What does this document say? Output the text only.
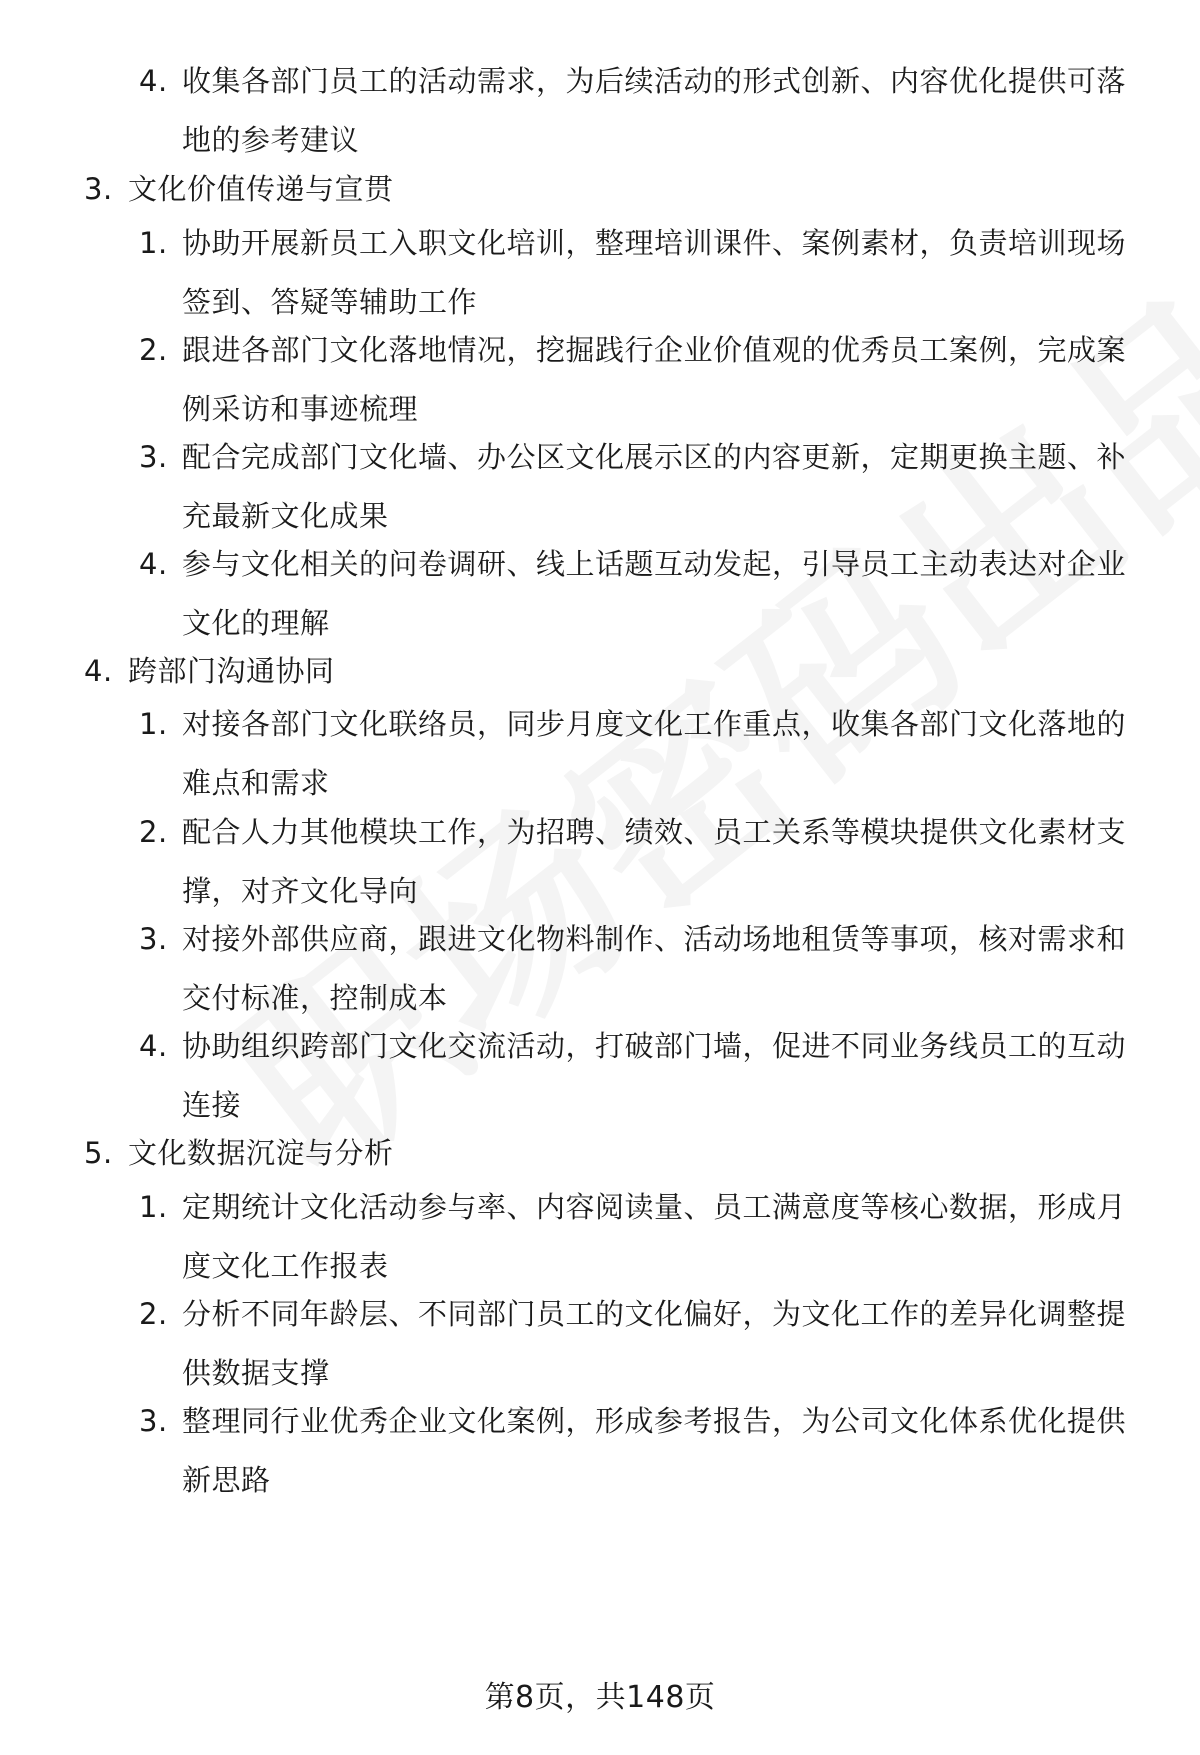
4. 收集各部门员工的活动需求，为后续活动的形式创新、内容优化提供可落地的参考建议
3. 文化价值传递与宣贯
1. 协助开展新员工入职文化培训，整理培训课件、案例素材，负责培训现场签到、答疑等辅助工作
2. 跟进各部门文化落地情况，挖掘践行企业价值观的优秀员工案例，完成案例采访和事迹梳理
3. 配合完成部门文化墙、办公区文化展示区的内容更新，定期更换主题、补充最新文化成果
4. 参与文化相关的问卷调研、线上话题互动发起，引导员工主动表达对企业文化的理解
4. 跨部门沟通协同
1. 对接各部门文化联络员，同步月度文化工作重点，收集各部门文化落地的难点和需求
2. 配合人力其他模块工作，为招聘、绩效、员工关系等模块提供文化素材支撑，对齐文化导向
3. 对接外部供应商，跟进文化物料制作、活动场地租赁等事项，核对需求和交付标准，控制成本
4. 协助组织跨部门文化交流活动，打破部门墙，促进不同业务线员工的互动连接
5. 文化数据沉淀与分析
1. 定期统计文化活动参与率、内容阅读量、员工满意度等核心数据，形成月度文化工作报表
2. 分析不同年龄层、不同部门员工的文化偏好，为文化工作的差异化调整提供数据支撑
3. 整理同行业优秀企业文化案例，形成参考报告，为公司文化体系优化提供新思路
第8页，共148页
